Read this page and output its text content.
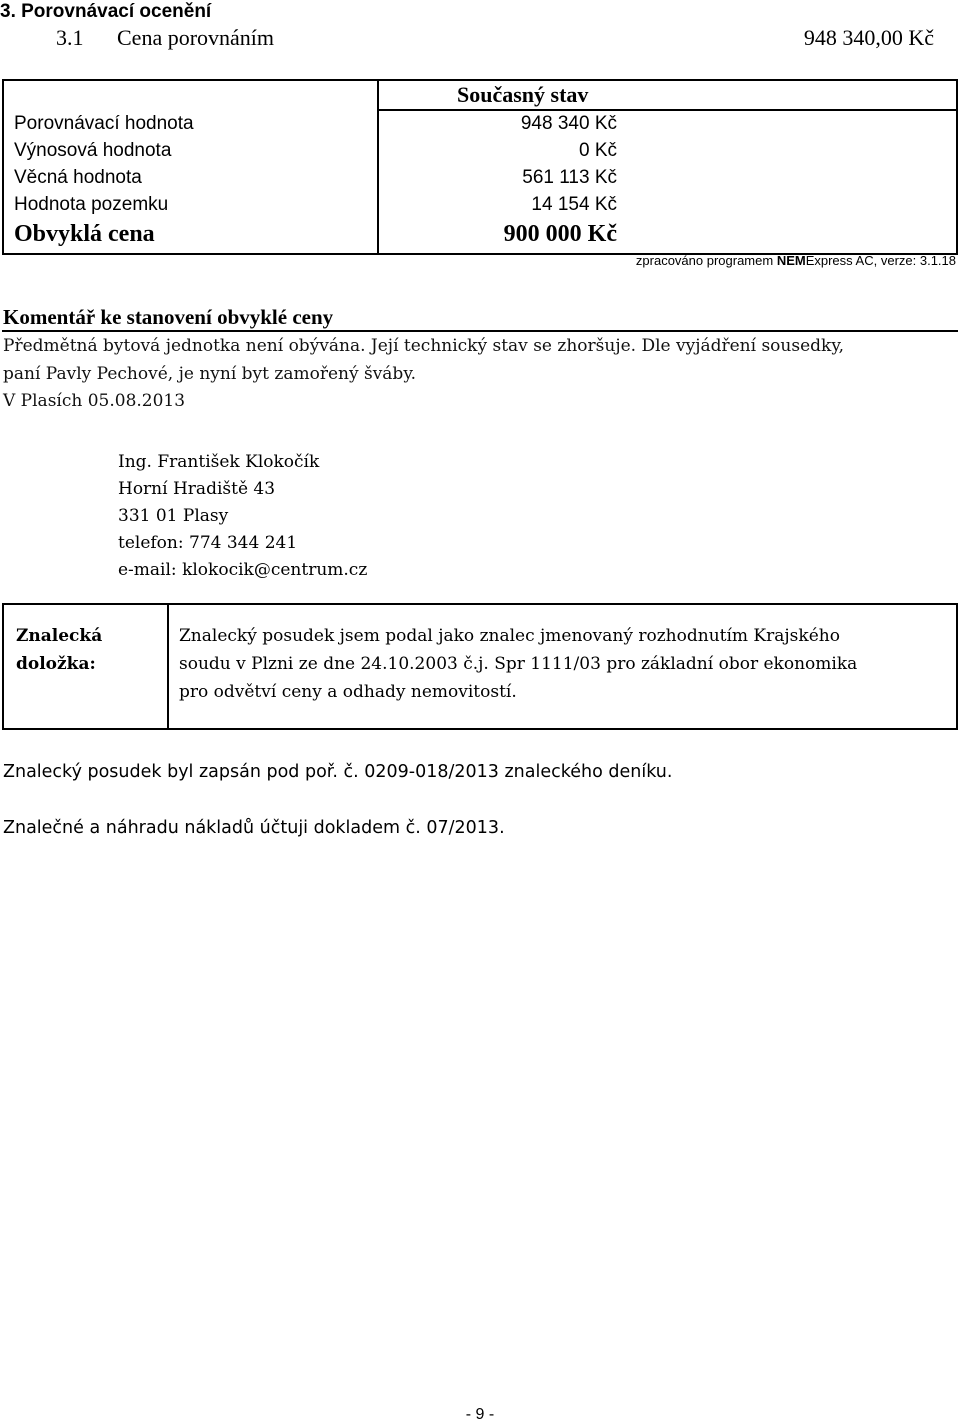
3. Porovnávací ocenění
3.1 Cena porovnáním	948 340,00 Kč
Současný stav
Porovnávací hodnota	948 340 Kč
Výnosová hodnota	0 Kč
Věcná hodnota	561 113 Kč
Hodnota pozemku	14 154 Kč
Obvyklá cena	900 000 Kč
zpracováno programem NEMExpress AC, verze: 3.1.18
Komentář ke stanovení obvyklé ceny
Předmětná bytová jednotka není obývána. Její technický stav se zhoršuje. Dle vyjádření sousedky,
paní Pavly Pechové, je nyní byt zamořený šváby.
V Plasích 05.08.2013
Ing. František Klokočík
Horní Hradiště 43
331 01 Plasy
telefon: 774 344 241
e-mail: klokocik@centrum.cz
Znalecká
doložka:
Znalecký posudek jsem podal jako znalec jmenovaný rozhodnutím Krajského
soudu v Plzni ze dne 24.10.2003 č.j. Spr 1111/03 pro základní obor ekonomika
pro odvětví ceny a odhady nemovitostí.
Znalecký posudek byl zapsán pod poř. č. 0209-018/2013 znaleckého deníku.
Znalečné a náhradu nákladů účtuji dokladem č. 07/2013.
- 9 -
